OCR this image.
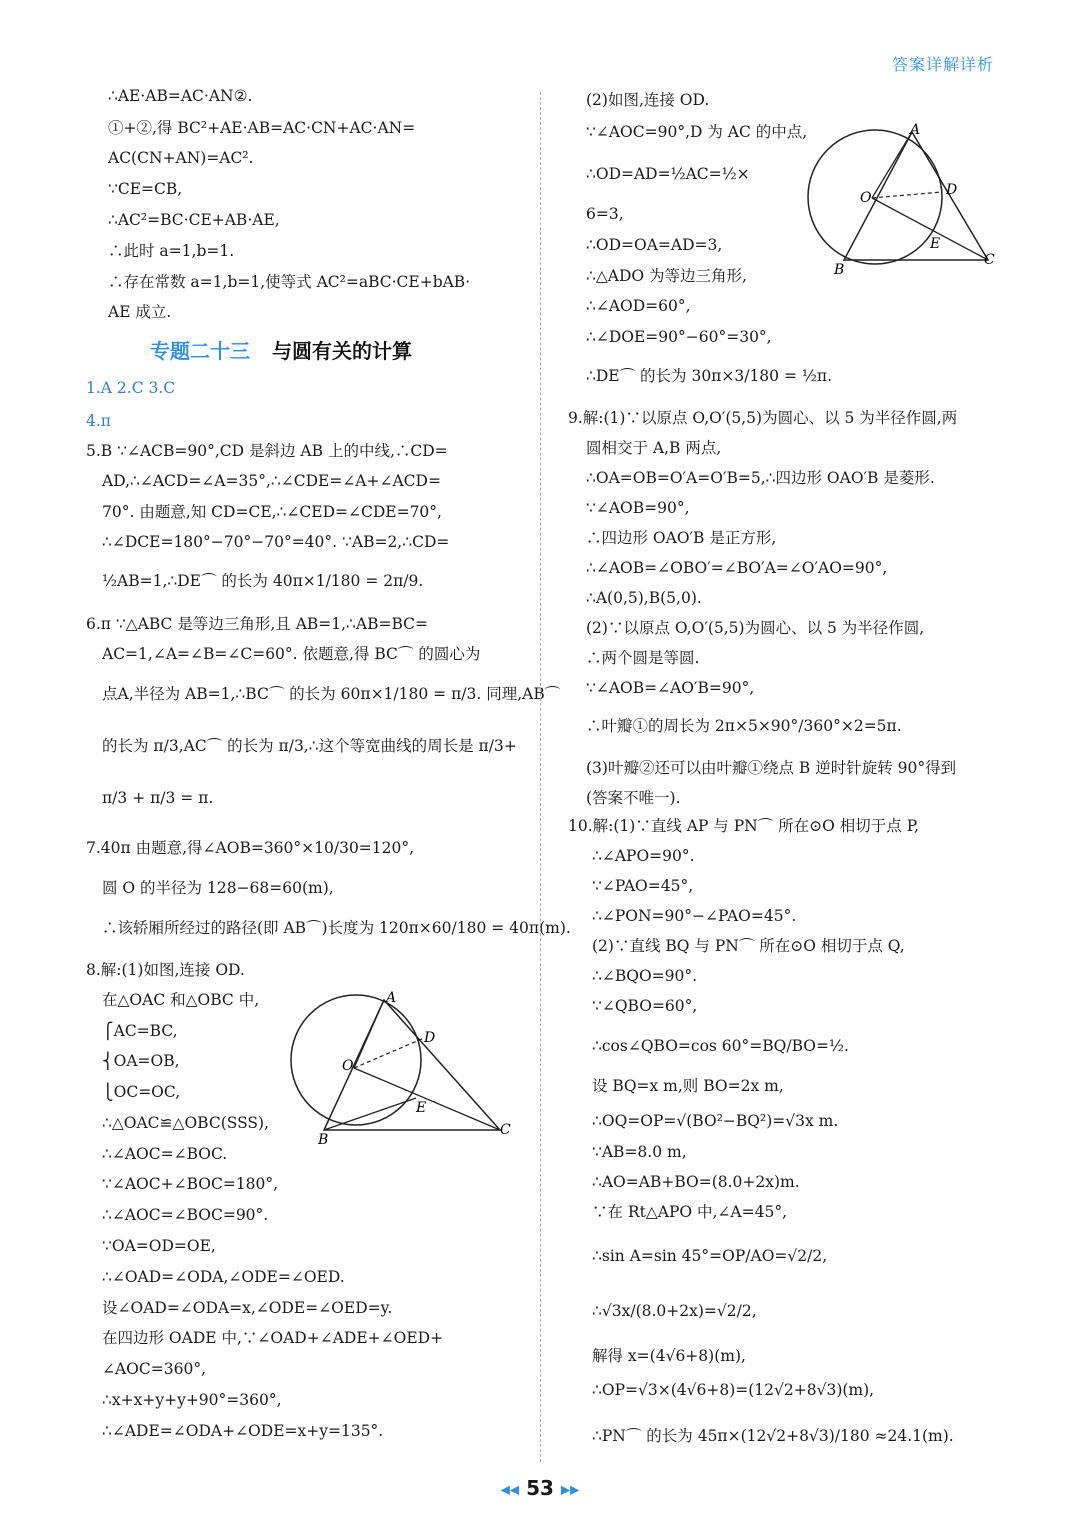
答案详解详析
∴AE·AB=AC·AN②.
①+②,得 BC²+AE·AB=AC·CN+AC·AN=
AC(CN+AN)=AC².
∵CE=CB,
∴AC²=BC·CE+AB·AE,
∴此时 a=1,b=1.
∴存在常数 a=1,b=1,使等式 AC²=aBC·CE+bAB·
AE 成立.
1.A 2.C 3.C
4.π
5.B ∵∠ACB=90°,CD 是斜边 AB 上的中线,∴CD=
AD,∴∠ACD=∠A=35°,∴∠CDE=∠A+∠ACD=
70°. 由题意,知 CD=CE,∴∠CED=∠CDE=70°,
∴∠DCE=180°−70°−70°=40°. ∵AB=2,∴CD=
½AB=1,∴DE⌒ 的长为 40π×1/180 = 2π/9.
6.π ∵△ABC 是等边三角形,且 AB=1,∴AB=BC=
AC=1,∠A=∠B=∠C=60°. 依题意,得 BC⌒ 的圆心为
点A,半径为 AB=1,∴BC⌒ 的长为 60π×1/180 = π/3. 同理,AB⌒
的长为 π/3,AC⌒ 的长为 π/3,∴这个等宽曲线的周长是 π/3+
π/3 + π/3 = π.
7.40π 由题意,得∠AOB=360°×10/30=120°,
圆 O 的半径为 128−68=60(m),
∴该轿厢所经过的路径(即 AB⌒)长度为 120π×60/180 = 40π(m).
8.解:(1)如图,连接 OD.
在△OAC 和△OBC 中,
⎧AC=BC,
⎨OA=OB,
⎩OC=OC,
∴△OAC≌△OBC(SSS),
∴∠AOC=∠BOC.
∵∠AOC+∠BOC=180°,
∴∠AOC=∠BOC=90°.
∵OA=OD=OE,
∴∠OAD=∠ODA,∠ODE=∠OED.
设∠OAD=∠ODA=x,∠ODE=∠OED=y.
在四边形 OADE 中,∵∠OAD+∠ADE+∠OED+
∠AOC=360°,
∴x+x+y+y+90°=360°,
∴∠ADE=∠ODA+∠ODE=x+y=135°.
(2)如图,连接 OD.
∵∠AOC=90°,D 为 AC 的中点,
∴OD=AD=½AC=½×
6=3,
∴OD=OA=AD=3,
∴△ADO 为等边三角形,
∴∠AOD=60°,
∴∠DOE=90°−60°=30°,
∴DE⌒ 的长为 30π×3/180 = ½π.
9.解:(1)∵以原点 O,O′(5,5)为圆心、以 5 为半径作圆,两
圆相交于 A,B 两点,
∴OA=OB=O′A=O′B=5,∴四边形 OAO′B 是菱形.
∵∠AOB=90°,
∴四边形 OAO′B 是正方形,
∴∠AOB=∠OBO′=∠BO′A=∠O′AO=90°,
∴A(0,5),B(5,0).
(2)∵以原点 O,O′(5,5)为圆心、以 5 为半径作圆,
∴两个圆是等圆.
∵∠AOB=∠AO′B=90°,
∴叶瓣①的周长为 2π×5×90°/360°×2=5π.
(3)叶瓣②还可以由叶瓣①绕点 B 逆时针旋转 90°得到
(答案不唯一).
10.解:(1)∵直线 AP 与 PN⌒ 所在⊙O 相切于点 P,
∴∠APO=90°.
∵∠PAO=45°,
∴∠PON=90°−∠PAO=45°.
(2)∵直线 BQ 与 PN⌒ 所在⊙O 相切于点 Q,
∴∠BQO=90°.
∵∠QBO=60°,
∴cos∠QBO=cos 60°=BQ/BO=½.
设 BQ=x m,则 BO=2x m,
∴OQ=OP=√(BO²−BQ²)=√3x m.
∵AB=8.0 m,
∴AO=AB+BO=(8.0+2x)m.
∵在 Rt△APO 中,∠A=45°,
∴sin A=sin 45°=OP/AO=√2/2,
∴√3x/(8.0+2x)=√2/2,
解得 x=(4√6+8)(m),
∴OP=√3×(4√6+8)=(12√2+8√3)(m),
∴PN⌒ 的长为 45π×(12√2+8√3)/180 ≈24.1(m).
专题二十三 与圆有关的计算
A
D
O
E
B
C
A
D
O
E
B
C
◀◀ 53 ▶▶
